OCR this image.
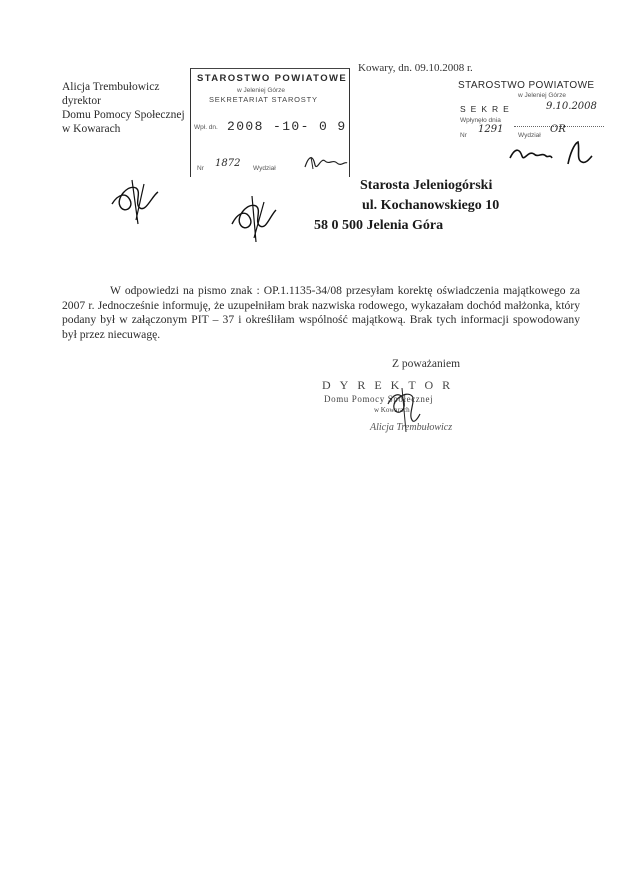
Alicja Trembułowicz
dyrektor
Domu Pomocy Społecznej
w Kowarach
Kowary, dn. 09.10.2008 r.
STAROSTWO POWIATOWE
w Jeleniej Górze
SEKRETARIAT STAROSTY
Wpł. dn. 2008 -10- 0 9
Nr 1872 Wydział
STAROSTWO POWIATOWE
w Jeleniej Górze
SEKRE	9.10.2008
Wpłynęło dnia
Nr
1291
Wydział
OR
Starosta Jeleniogórski
ul. Kochanowskiego 10
58 0 500 Jelenia Góra
W odpowiedzi na pismo znak : OP.1.1135-34/08 przesyłam korektę oświadczenia majątkowego za 2007 r. Jednocześnie informuję, że uzupełniłam brak nazwiska rodowego, wykazałam dochód małżonka, który podany był w załączonym PIT – 37 i określiłam wspólność majątkową. Brak tych informacji spowodowany był przez niecuwagę.
Z poważaniem
DYREKTOR
Domu Pomocy Społecznej
w Kowarach
Alicja Trembułowicz
